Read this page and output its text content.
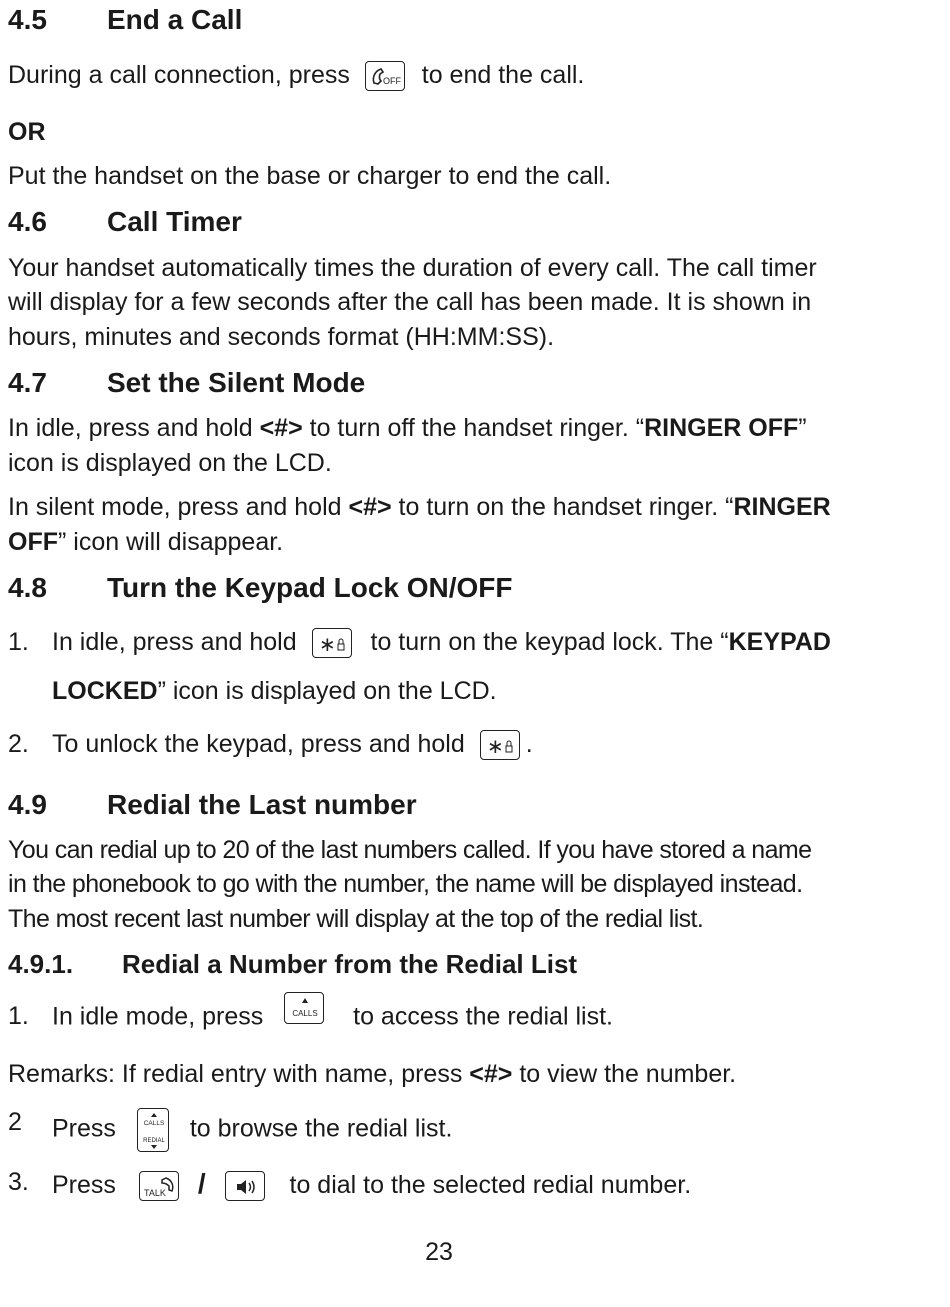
4.5 End a Call
During a call connection, press	OFF to end the call.
OR
Put the handset on the base or charger to end the call.
4.6 Call Timer
Your handset automatically times the duration of every call. The call timer
will display for a few seconds after the call has been made. It is shown in
hours, minutes and seconds format (HH:MM:SS).
4.7 Set the Silent Mode
In idle, press and hold <#> to turn off the handset ringer. “RINGER OFF”
icon is displayed on the LCD.
In silent mode, press and hold <#> to turn on the handset ringer. “RINGER
OFF” icon will disappear.
4.8 Turn the Keypad Lock ON/OFF
1. In idle, press and hold ∗ to turn on the keypad lock. The “KEYPAD
LOCKED” icon is displayed on the LCD.
2. To unlock the keypad, press and hold ∗ .
4.9 Redial the Last number
You can redial up to 20 of the last numbers called. If you have stored a name
in the phonebook to go with the number, the name will be displayed instead.
The most recent last number will display at the top of the redial list.
4.9.1. Redial a Number from the Redial List
1. In idle mode, press	CALLS to access the redial list.
Remarks: If redial entry with name, press <#> to view the number.
2 Press	CALLS
REDIAL to browse the redial list.
3. Press	TALK /	to dial to the selected redial number.
23
